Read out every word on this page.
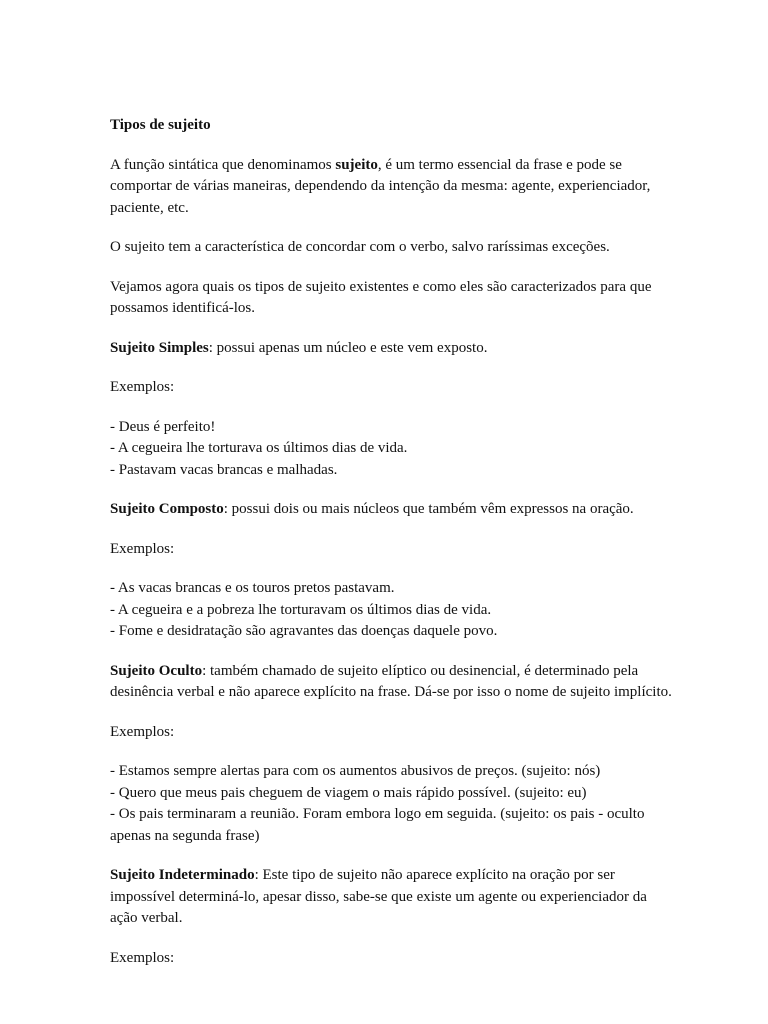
Tipos de sujeito

A função sintática que denominamos sujeito, é um termo essencial da frase e pode se comportar de várias maneiras, dependendo da intenção da mesma: agente, experienciador, paciente, etc.

O sujeito tem a característica de concordar com o verbo, salvo raríssimas exceções.

Vejamos agora quais os tipos de sujeito existentes e como eles são caracterizados para que possamos identificá-los.

Sujeito Simples: possui apenas um núcleo e este vem exposto.

Exemplos:

- Deus é perfeito!
- A cegueira lhe torturava os últimos dias de vida.
- Pastavam vacas brancas e malhadas.

Sujeito Composto: possui dois ou mais núcleos que também vêm expressos na oração.

Exemplos:

- As vacas brancas e os touros pretos pastavam.
- A cegueira e a pobreza lhe torturavam os últimos dias de vida.
- Fome e desidratação são agravantes das doenças daquele povo.

Sujeito Oculto: também chamado de sujeito elíptico ou desinencial, é determinado pela desinência verbal e não aparece explícito na frase. Dá-se por isso o nome de sujeito implícito.

Exemplos:

- Estamos sempre alertas para com os aumentos abusivos de preços. (sujeito: nós)
- Quero que meus pais cheguem de viagem o mais rápido possível. (sujeito: eu)
- Os pais terminaram a reunião. Foram embora logo em seguida. (sujeito: os pais - oculto apenas na segunda frase)

Sujeito Indeterminado: Este tipo de sujeito não aparece explícito na oração por ser impossível determiná-lo, apesar disso, sabe-se que existe um agente ou experienciador da ação verbal.

Exemplos:
